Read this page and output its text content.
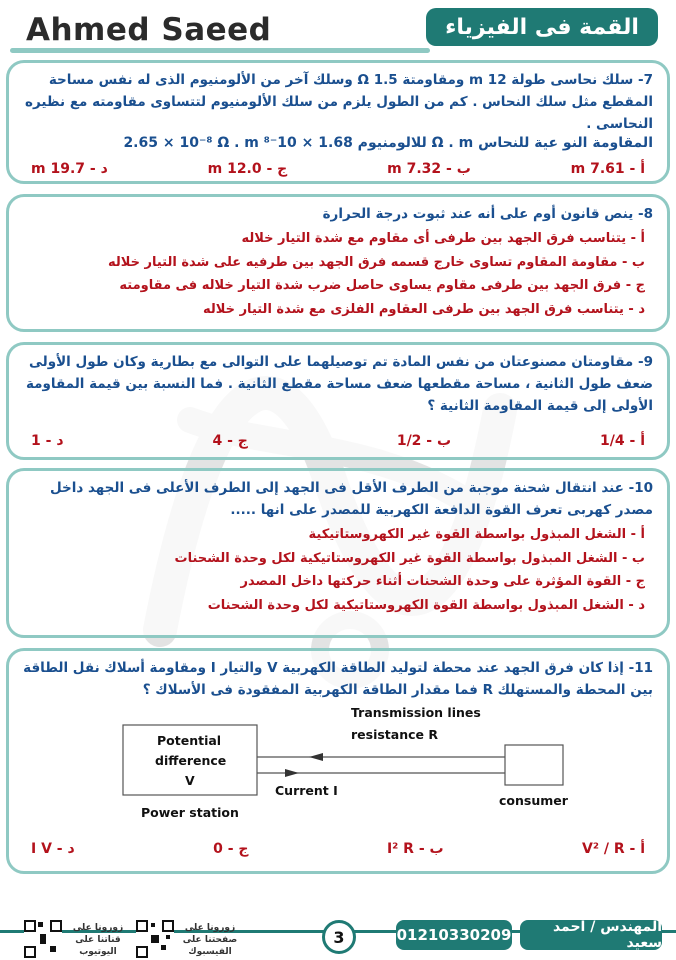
Ahmed Saeed	القمة فى الفيزياء
7- سلك نحاسى طولة 12 m ومقاومتة 1.5 Ω وسلك آخر من الألومنيوم الذى له نفس مساحة المقطع مثل سلك النحاس . كم من الطول يلزم من سلك الألومنيوم لتتساوى مقاومته مع نظيره النحاسى .
2.65 × 10⁻⁸ Ω . m للالومنيوم 1.68 × 10⁻⁸ Ω . m المقاومة النو عية للنحاس
أ - 7.61 m
ب - 7.32 m
ج - 12.0 m
د - 19.7 m
8- ينص قانون أوم على أنه عند ثبوت درجة الحرارة
أ - يتناسب فرق الجهد بين طرفى أى مقاوم مع شدة التيار خلاله
ب - مقاومة المقاوم تساوى خارج قسمه فرق الجهد بين طرفيه على شدة التيار خلاله
ج - فرق الجهد بين طرفى مقاوم يساوى حاصل ضرب شدة التيار خلاله فى مقاومته
د - يتناسب فرق الجهد بين طرفى العقاوم الفلزى مع شدة التيار خلاله
9- مقاومتان مصنوعتان من نفس المادة تم توصيلهما على التوالى مع بطارية وكان طول الأولى ضعف طول الثانية ، مساحة مقطعها ضعف مساحة مقطع الثانية . فما النسبة بين قيمة المقاومة الأولى إلى قيمة المقاومة الثانية ؟
أ - 1/4
ب - 1/2
ج - 4
د - 1
10- عند انتقال شحنة موجبة من الطرف الأقل فى الجهد إلى الطرف الأعلى فى الجهد داخل مصدر كهربى تعرف القوة الدافعة الكهربية للمصدر على انها .....
أ - الشغل المبذول بواسطة القوة غير الكهروستاتيكية
ب - الشغل المبذول بواسطة القوة غير الكهروستاتيكية لكل وحدة الشحنات
ج - القوة المؤثرة على وحدة الشحنات أثناء حركتها داخل المصدر
د - الشغل المبذول بواسطة القوة الكهروستاتيكية لكل وحدة الشحنات
11- إذا كان فرق الجهد عند محطة لتوليد الطاقة الكهربية V والتيار I ومقاومة أسلاك نقل الطاقة بين المحطة والمستهلك R فما مقدار الطاقة الكهربية المفقودة فى الأسلاك ؟
Transmission lines
resistance R
Potential
difference
V
Current I
Power station
consumer
أ - V² / R
ب - I² R
ج - 0
د - I V
المهندس / احمد سعيد
01210330209
3
زورونا على صفحتنا على الفيسبوك
زورونا على قناتنا على اليوتيوب
